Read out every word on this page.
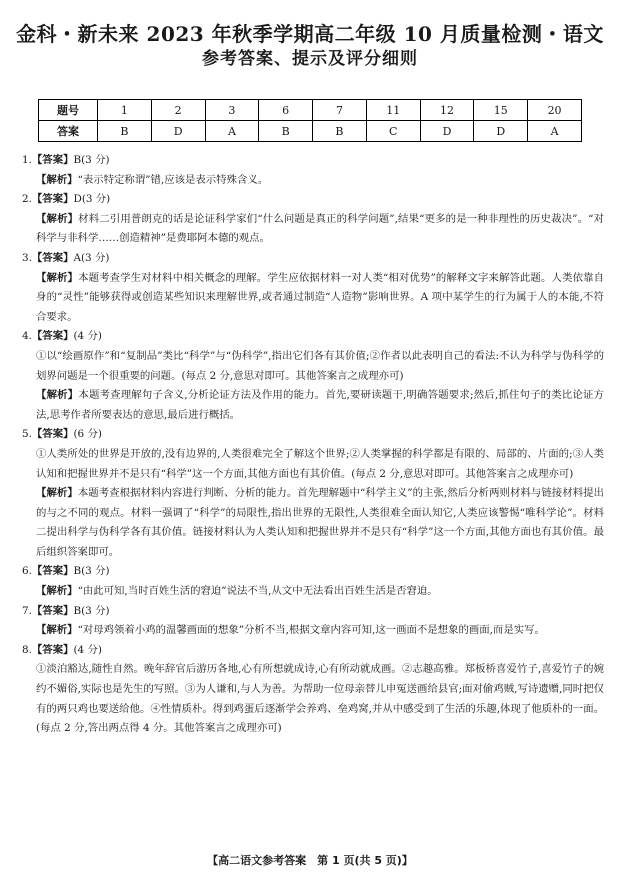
金科・新未来 2023 年秋季学期高二年级 10 月质量检测・语文
参考答案、提示及评分细则
题号	1	2	3	6	7	11	12	15	20
答案	B	D	A	B	B	C	D	D	A
1.【答案】B(3 分)
【解析】“表示特定称谓”错,应该是表示特殊含义。
2.【答案】D(3 分)
【解析】材料二引用普朗克的话是论证科学家们“什么问题是真正的科学问题”,结果“更多的是一种非理性的历史裁决”。“对科学与非科学……创造精神”是费耶阿本德的观点。
3.【答案】A(3 分)
【解析】本题考查学生对材料中相关概念的理解。学生应依据材料一对人类“相对优势”的解释文字来解答此题。人类依靠自身的“灵性”能够获得或创造某些知识来理解世界,或者通过制造“人造物”影响世界。A 项中某学生的行为属于人的本能,不符合要求。
4.【答案】(4 分)
①以“绘画原作”和“复制品”类比“科学”与“伪科学”,指出它们各有其价值;②作者以此表明自己的看法:不认为科学与伪科学的划界问题是一个很重要的问题。(每点 2 分,意思对即可。其他答案言之成理亦可)
【解析】本题考查理解句子含义,分析论证方法及作用的能力。首先,要研读题干,明确答题要求;然后,抓住句子的类比论证方法,思考作者所要表达的意思,最后进行概括。
5.【答案】(6 分)
①人类所处的世界是开放的,没有边界的,人类很难完全了解这个世界;②人类掌握的科学都是有限的、局部的、片面的;③人类认知和把握世界并不是只有“科学”这一个方面,其他方面也有其价值。(每点 2 分,意思对即可。其他答案言之成理亦可)
【解析】本题考查根据材料内容进行判断、分析的能力。首先理解题中“科学主义”的主张,然后分析两则材料与链接材料提出的与之不同的观点。材料一强调了“科学”的局限性,指出世界的无限性,人类很难全面认知它,人类应该警惕“唯科学论”。材料二提出科学与伪科学各有其价值。链接材料认为人类认知和把握世界并不是只有“科学”这一个方面,其他方面也有其价值。最后组织答案即可。
6.【答案】B(3 分)
【解析】“由此可知,当时百姓生活的窘迫”说法不当,从文中无法看出百姓生活是否窘迫。
7.【答案】B(3 分)
【解析】“对母鸡领着小鸡的温馨画面的想象”分析不当,根据文章内容可知,这一画面不是想象的画面,而是实写。
8.【答案】(4 分)
①淡泊豁达,随性自然。晚年辞官后游历各地,心有所想就成诗,心有所动就成画。②志趣高雅。郑板桥喜爱竹子,喜爱竹子的婉约不媚俗,实际也是先生的写照。③为人谦和,与人为善。为帮助一位母亲替儿申冤送画给县官;面对偷鸡贼,写诗遗赠,同时把仅有的两只鸡也要送给他。④性情质朴。得到鸡蛋后逐渐学会养鸡、垒鸡窝,并从中感受到了生活的乐趣,体现了他质朴的一面。(每点 2 分,答出两点得 4 分。其他答案言之成理亦可)
【高二语文参考答案　第 1 页(共 5 页)】
